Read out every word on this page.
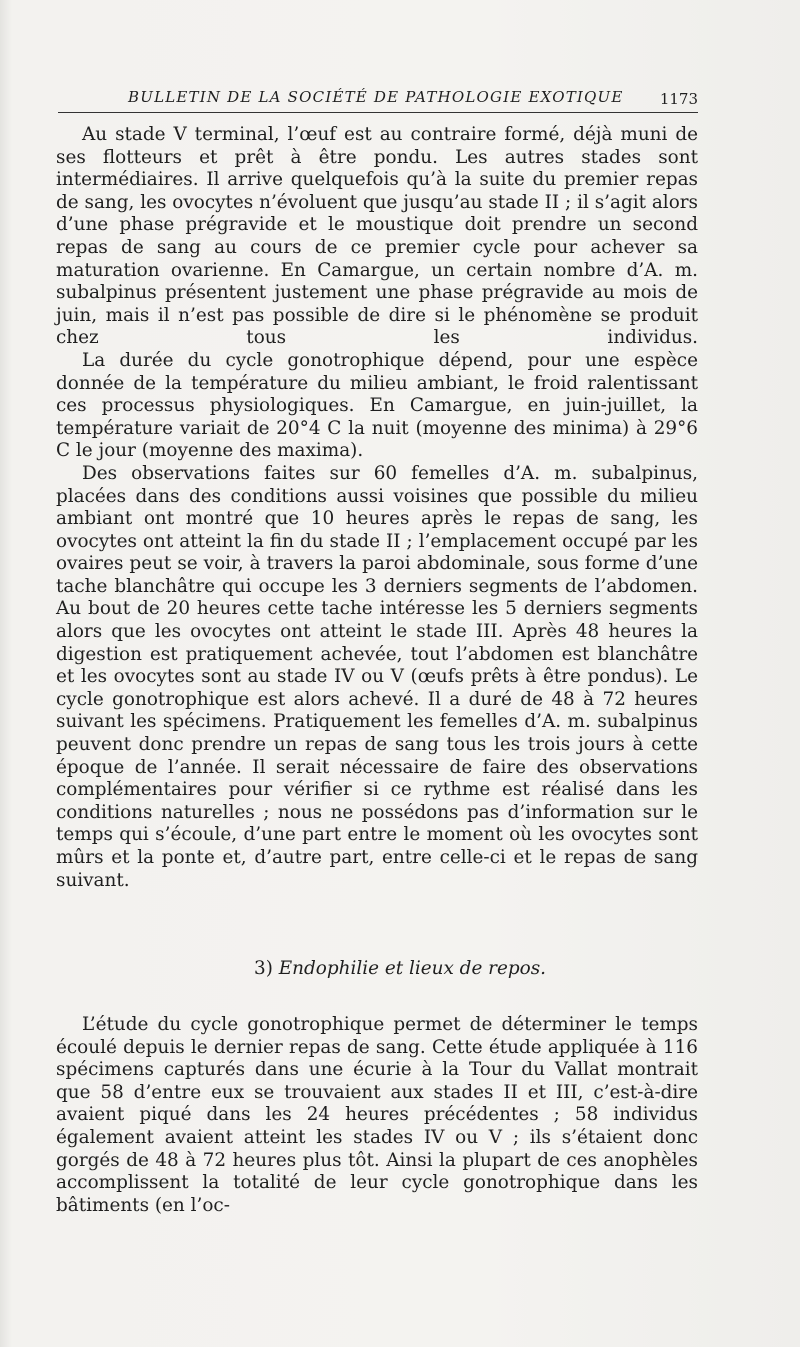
BULLETIN DE LA SOCIÉTÉ DE PATHOLOGIE EXOTIQUE 1173

Au stade V terminal, l’œuf est au contraire formé, déjà muni de ses flotteurs et prêt à être pondu. Les autres stades sont intermédiaires. Il arrive quelquefois qu’à la suite du premier repas de sang, les ovocytes n’évoluent que jusqu’au stade II ; il s’agit alors d’une phase prégravide et le moustique doit prendre un second repas de sang au cours de ce premier cycle pour achever sa maturation ovarienne. En Camargue, un certain nombre d’A. m. subalpinus présentent justement une phase prégravide au mois de juin, mais il n’est pas possible de dire si le phénomène se produit chez tous les individus.

La durée du cycle gonotrophique dépend, pour une espèce donnée de la température du milieu ambiant, le froid ralentissant ces processus physiologiques. En Camargue, en juin-juillet, la température variait de 20°4 C la nuit (moyenne des minima) à 29°6 C le jour (moyenne des maxima).

Des observations faites sur 60 femelles d’A. m. subalpinus, placées dans des conditions aussi voisines que possible du milieu ambiant ont montré que 10 heures après le repas de sang, les ovocytes ont atteint la fin du stade II ; l’emplacement occupé par les ovaires peut se voir, à travers la paroi abdominale, sous forme d’une tache blanchâtre qui occupe les 3 derniers segments de l’abdomen. Au bout de 20 heures cette tache intéresse les 5 derniers segments alors que les ovocytes ont atteint le stade III. Après 48 heures la digestion est pratiquement achevée, tout l’abdomen est blanchâtre et les ovocytes sont au stade IV ou V (œufs prêts à être pondus). Le cycle gonotrophique est alors achevé. Il a duré de 48 à 72 heures suivant les spécimens. Pratiquement les femelles d’A. m. subalpinus peuvent donc prendre un repas de sang tous les trois jours à cette époque de l’année. Il serait nécessaire de faire des observations complémentaires pour vérifier si ce rythme est réalisé dans les conditions naturelles ; nous ne possédons pas d’information sur le temps qui s’écoule, d’une part entre le moment où les ovocytes sont mûrs et la ponte et, d’autre part, entre celle-ci et le repas de sang suivant.

3) Endophilie et lieux de repos.

L’étude du cycle gonotrophique permet de déterminer le temps écoulé depuis le dernier repas de sang. Cette étude appliquée à 116 spécimens capturés dans une écurie à la Tour du Vallat montrait que 58 d’entre eux se trouvaient aux stades II et III, c’est-à-dire avaient piqué dans les 24 heures précédentes ; 58 individus également avaient atteint les stades IV ou V ; ils s’étaient donc gorgés de 48 à 72 heures plus tôt. Ainsi la plupart de ces anophèles accomplissent la totalité de leur cycle gonotrophique dans les bâtiments (en l’oc-
